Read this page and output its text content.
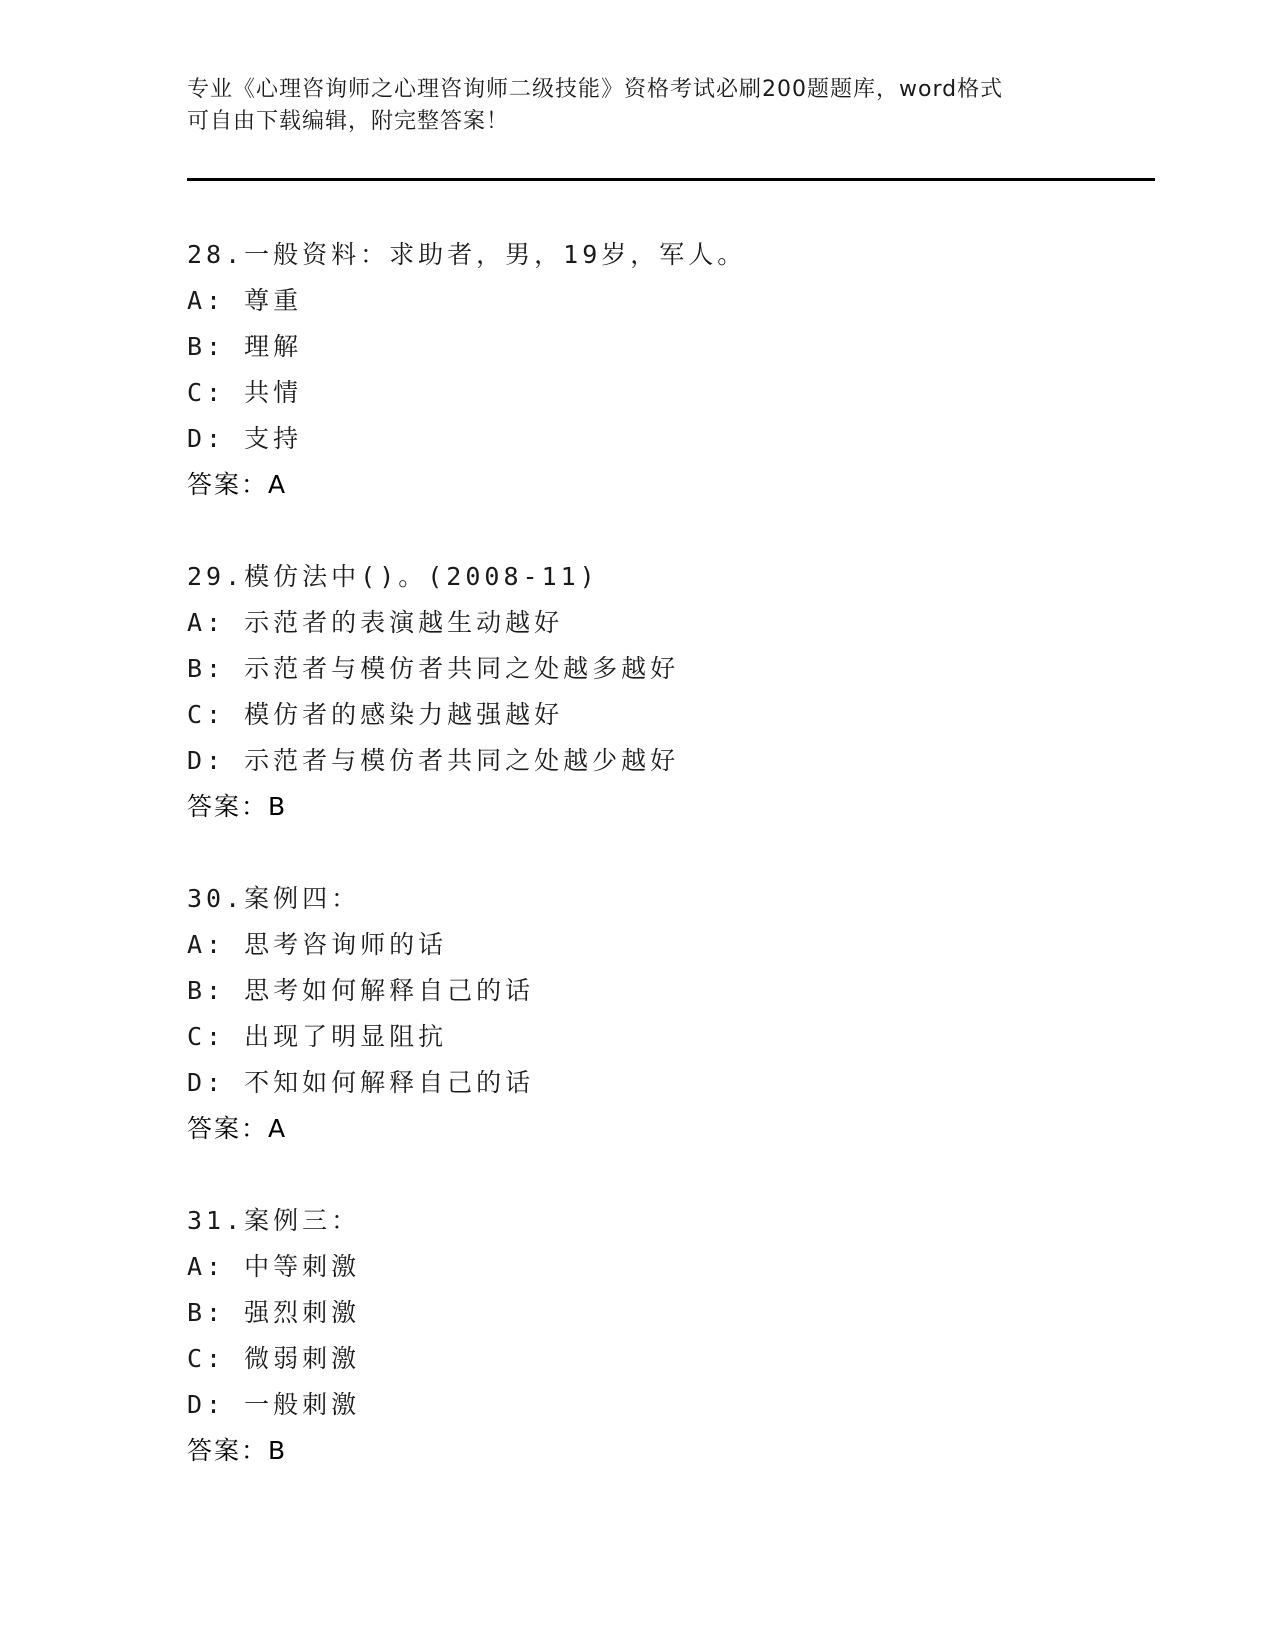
专业《心理咨询师之心理咨询师二级技能》资格考试必刷200题题库，word格式
可自由下载编辑，附完整答案！
28.一般资料：求助者，男，19岁，军人。
A: 尊重
B: 理解
C: 共情
D: 支持
答案：A
29.模仿法中()。(2008-11)
A: 示范者的表演越生动越好
B: 示范者与模仿者共同之处越多越好
C: 模仿者的感染力越强越好
D: 示范者与模仿者共同之处越少越好
答案：B
30.案例四：
A: 思考咨询师的话
B: 思考如何解释自己的话
C: 出现了明显阻抗
D: 不知如何解释自己的话
答案：A
31.案例三：
A: 中等刺激
B: 强烈刺激
C: 微弱刺激
D: 一般刺激
答案：B
